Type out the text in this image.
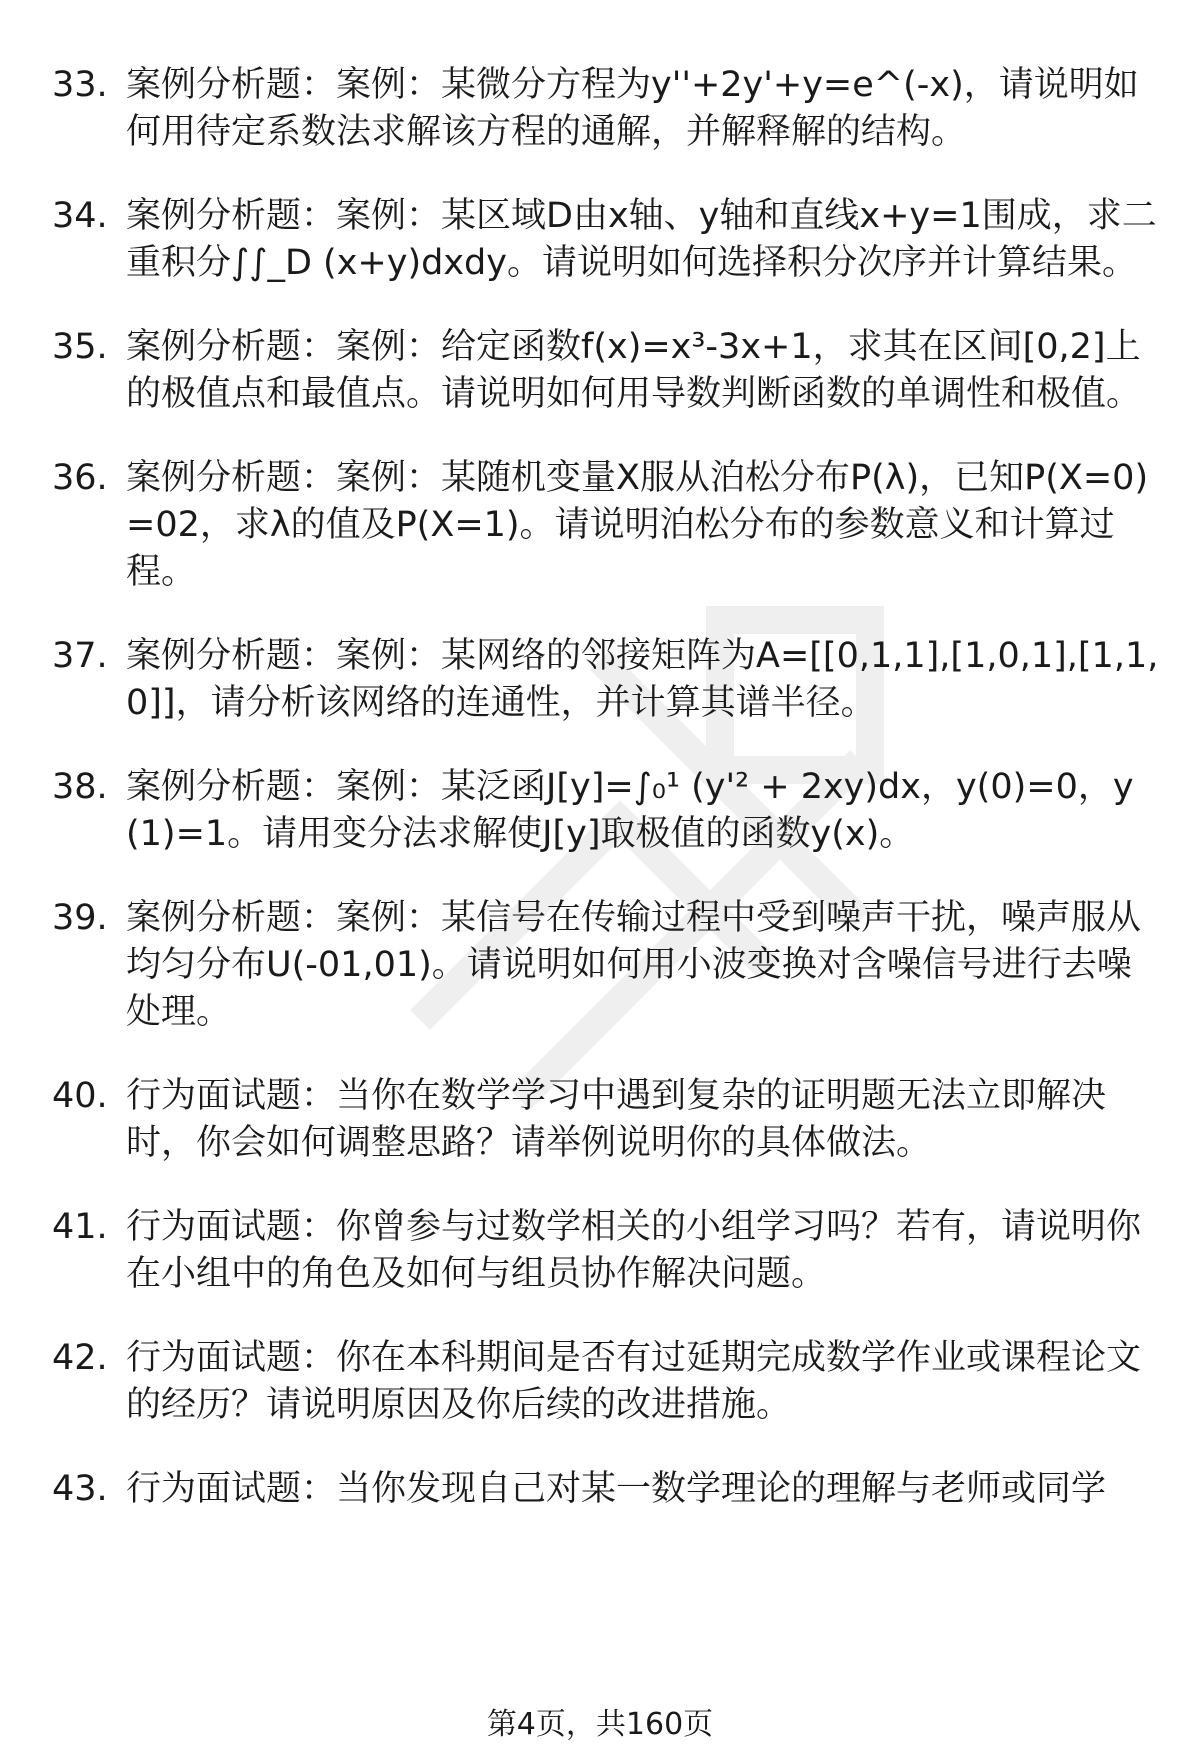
33. 案例分析题：案例：某微分方程为y''+2y'+y=e^(-x)，请说明如何用待定系数法求解该方程的通解，并解释解的结构。
34. 案例分析题：案例：某区域D由x轴、y轴和直线x+y=1围成，求二重积分∫∫_D (x+y)dxdy。请说明如何选择积分次序并计算结果。
35. 案例分析题：案例：给定函数f(x)=x³-3x+1，求其在区间[0,2]上的极值点和最值点。请说明如何用导数判断函数的单调性和极值。
36. 案例分析题：案例：某随机变量X服从泊松分布P(λ)，已知P(X=0)=02，求λ的值及P(X=1)。请说明泊松分布的参数意义和计算过程。
37. 案例分析题：案例：某网络的邻接矩阵为A=[[0,1,1],[1,0,1],[1,1,0]]，请分析该网络的连通性，并计算其谱半径。
38. 案例分析题：案例：某泛函J[y]=∫₀¹ (y'² + 2xy)dx，y(0)=0，y(1)=1。请用变分法求解使J[y]取极值的函数y(x)。
39. 案例分析题：案例：某信号在传输过程中受到噪声干扰，噪声服从均匀分布U(-01,01)。请说明如何用小波变换对含噪信号进行去噪处理。
40. 行为面试题：当你在数学学习中遇到复杂的证明题无法立即解决时，你会如何调整思路？请举例说明你的具体做法。
41. 行为面试题：你曾参与过数学相关的小组学习吗？若有，请说明你在小组中的角色及如何与组员协作解决问题。
42. 行为面试题：你在本科期间是否有过延期完成数学作业或课程论文的经历？请说明原因及你后续的改进措施。
43. 行为面试题：当你发现自己对某一数学理论的理解与老师或同学
第4页，共160页
